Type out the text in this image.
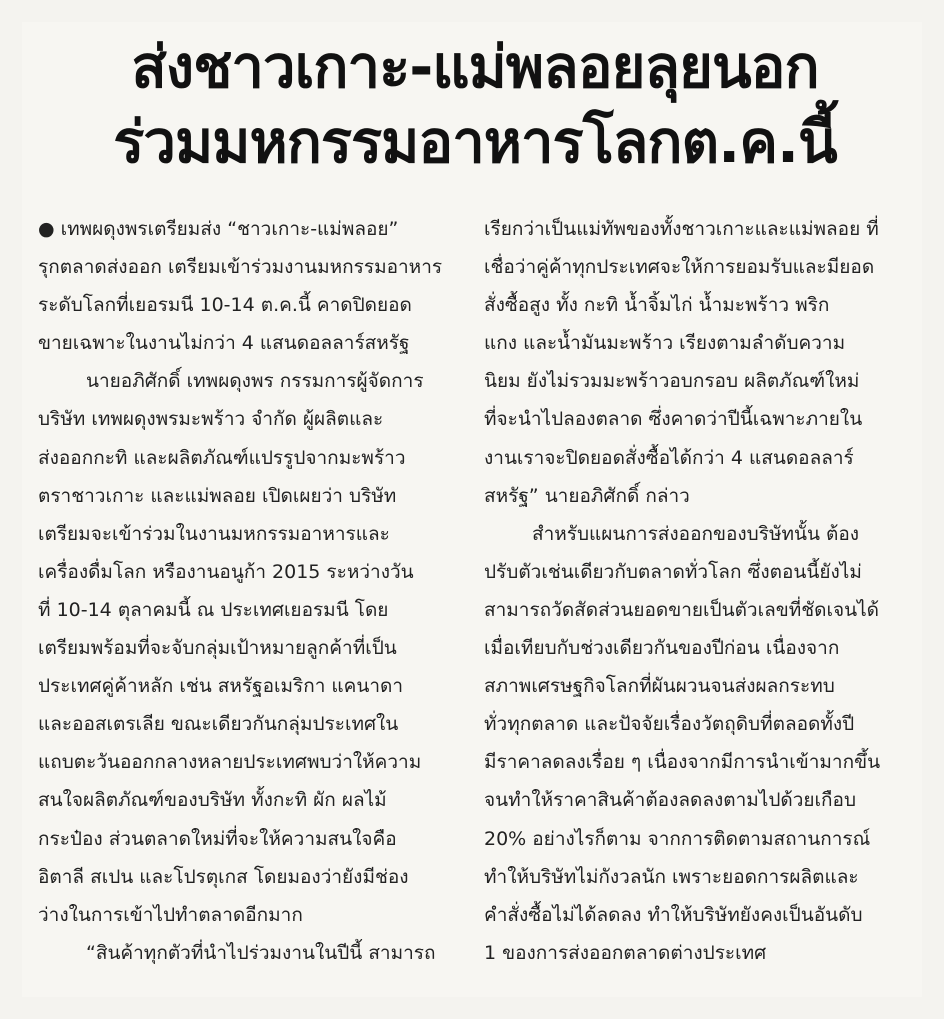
ส่งชาวเกาะ-แม่พลอยลุยนอก
ร่วมมหกรรมอาหารโลกต.ค.นี้
● เทพผดุงพรเตรียมส่ง “ชาวเกาะ-แม่พลอย”
รุกตลาดส่งออก เตรียมเข้าร่วมงานมหกรรมอาหาร
ระดับโลกที่เยอรมนี 10-14 ต.ค.นี้ คาดปิดยอด
ขายเฉพาะในงานไม่กว่า 4 แสนดอลลาร์สหรัฐ
นายอภิศักดิ์ เทพผดุงพร กรรมการผู้จัดการ
บริษัท เทพผดุงพรมะพร้าว จำกัด ผู้ผลิตและ
ส่งออกกะทิ และผลิตภัณฑ์แปรรูปจากมะพร้าว
ตราชาวเกาะ และแม่พลอย เปิดเผยว่า บริษัท
เตรียมจะเข้าร่วมในงานมหกรรมอาหารและ
เครื่องดื่มโลก หรืองานอนูก้า 2015 ระหว่างวัน
ที่ 10-14 ตุลาคมนี้ ณ ประเทศเยอรมนี โดย
เตรียมพร้อมที่จะจับกลุ่มเป้าหมายลูกค้าที่เป็น
ประเทศคู่ค้าหลัก เช่น สหรัฐอเมริกา แคนาดา
และออสเตรเลีย ขณะเดียวกันกลุ่มประเทศใน
แถบตะวันออกกลางหลายประเทศพบว่าให้ความ
สนใจผลิตภัณฑ์ของบริษัท ทั้งกะทิ ผัก ผลไม้
กระป๋อง ส่วนตลาดใหม่ที่จะให้ความสนใจคือ
อิตาลี สเปน และโปรตุเกส โดยมองว่ายังมีช่อง
ว่างในการเข้าไปทำตลาดอีกมาก
“สินค้าทุกตัวที่นำไปร่วมงานในปีนี้ สามารถ
เรียกว่าเป็นแม่ทัพของทั้งชาวเกาะและแม่พลอย ที่
เชื่อว่าคู่ค้าทุกประเทศจะให้การยอมรับและมียอด
สั่งซื้อสูง ทั้ง กะทิ น้ำจิ้มไก่ น้ำมะพร้าว พริก
แกง และน้ำมันมะพร้าว เรียงตามลำดับความ
นิยม ยังไม่รวมมะพร้าวอบกรอบ ผลิตภัณฑ์ใหม่
ที่จะนำไปลองตลาด ซึ่งคาดว่าปีนี้เฉพาะภายใน
งานเราจะปิดยอดสั่งซื้อได้กว่า 4 แสนดอลลาร์
สหรัฐ” นายอภิศักดิ์ กล่าว
สำหรับแผนการส่งออกของบริษัทนั้น ต้อง
ปรับตัวเช่นเดียวกับตลาดทั่วโลก ซึ่งตอนนี้ยังไม่
สามารถวัดสัดส่วนยอดขายเป็นตัวเลขที่ชัดเจนได้
เมื่อเทียบกับช่วงเดียวกันของปีก่อน เนื่องจาก
สภาพเศรษฐกิจโลกที่ผันผวนจนส่งผลกระทบ
ทั่วทุกตลาด และปัจจัยเรื่องวัตถุดิบที่ตลอดทั้งปี
มีราคาลดลงเรื่อย ๆ เนื่องจากมีการนำเข้ามากขึ้น
จนทำให้ราคาสินค้าต้องลดลงตามไปด้วยเกือบ
20% อย่างไรก็ตาม จากการติดตามสถานการณ์
ทำให้บริษัทไม่กังวลนัก เพราะยอดการผลิตและ
คำสั่งซื้อไม่ได้ลดลง ทำให้บริษัทยังคงเป็นอันดับ
1 ของการส่งออกตลาดต่างประเทศ
